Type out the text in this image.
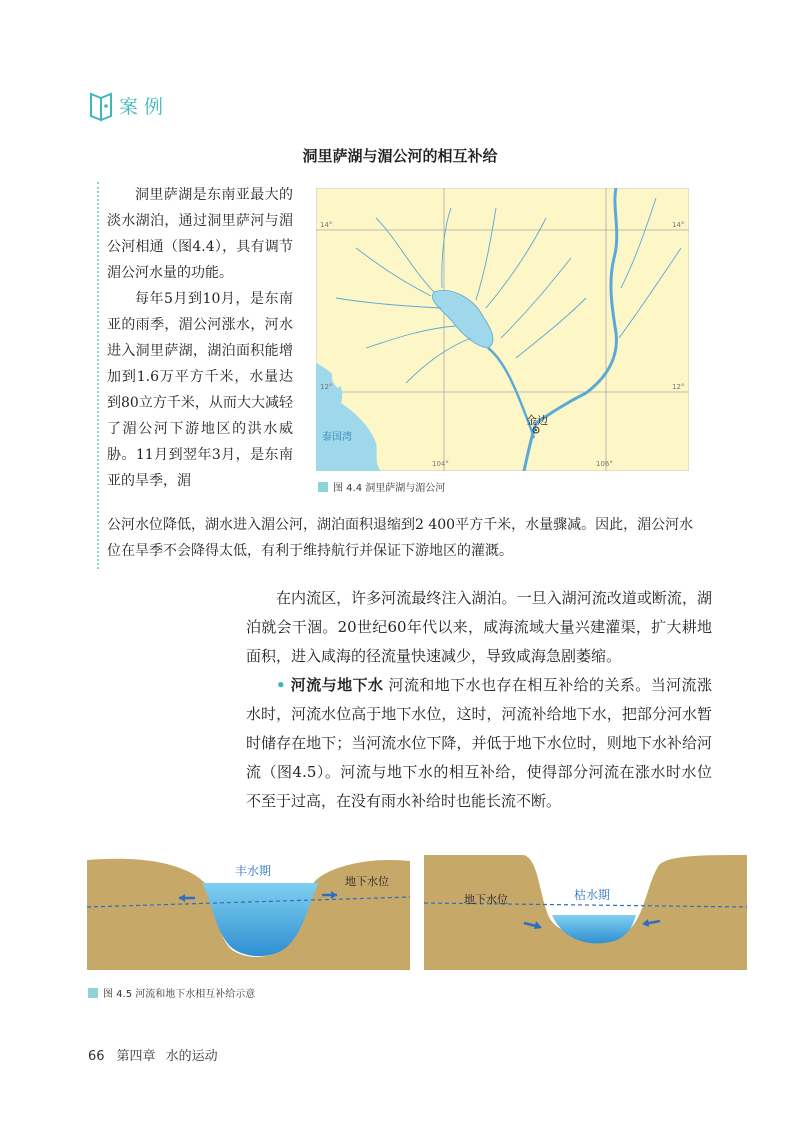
案例
洞里萨湖与湄公河的相互补给

洞里萨湖是东南亚最大的淡水湖泊，通过洞里萨河与湄公河相通（图4.4），具有调节湄公河水量的功能。

每年5月到10月，是东南亚的雨季，湄公河涨水，河水进入洞里萨湖，湖泊面积能增加到1.6万平方千米，水量达到80立方千米，从而大大减轻了湄公河下游地区的洪水威胁。11月到翌年3月，是东南亚的旱季，湄

金边
泰国湾
14°	14°
12°	12°
104°	106°
图 4.4 洞里萨湖与湄公河

公河水位降低，湖水进入湄公河，湖泊面积退缩到2 400平方千米，水量骤减。因此，湄公河水位在旱季不会降得太低，有利于维持航行并保证下游地区的灌溉。

在内流区，许多河流最终注入湖泊。一旦入湖河流改道或断流，湖泊就会干涸。20世纪60年代以来，咸海流域大量兴建灌渠，扩大耕地面积，进入咸海的径流量快速减少，导致咸海急剧萎缩。

• 河流与地下水 河流和地下水也存在相互补给的关系。当河流涨水时，河流水位高于地下水位，这时，河流补给地下水，把部分河水暂时储存在地下；当河流水位下降，并低于地下水位时，则地下水补给河流（图4.5）。河流与地下水的相互补给，使得部分河流在涨水时水位不至于过高，在没有雨水补给时也能长流不断。

丰水期
地下水位
枯水期
地下水位
图 4.5 河流和地下水相互补给示意
66 第四章 水的运动
